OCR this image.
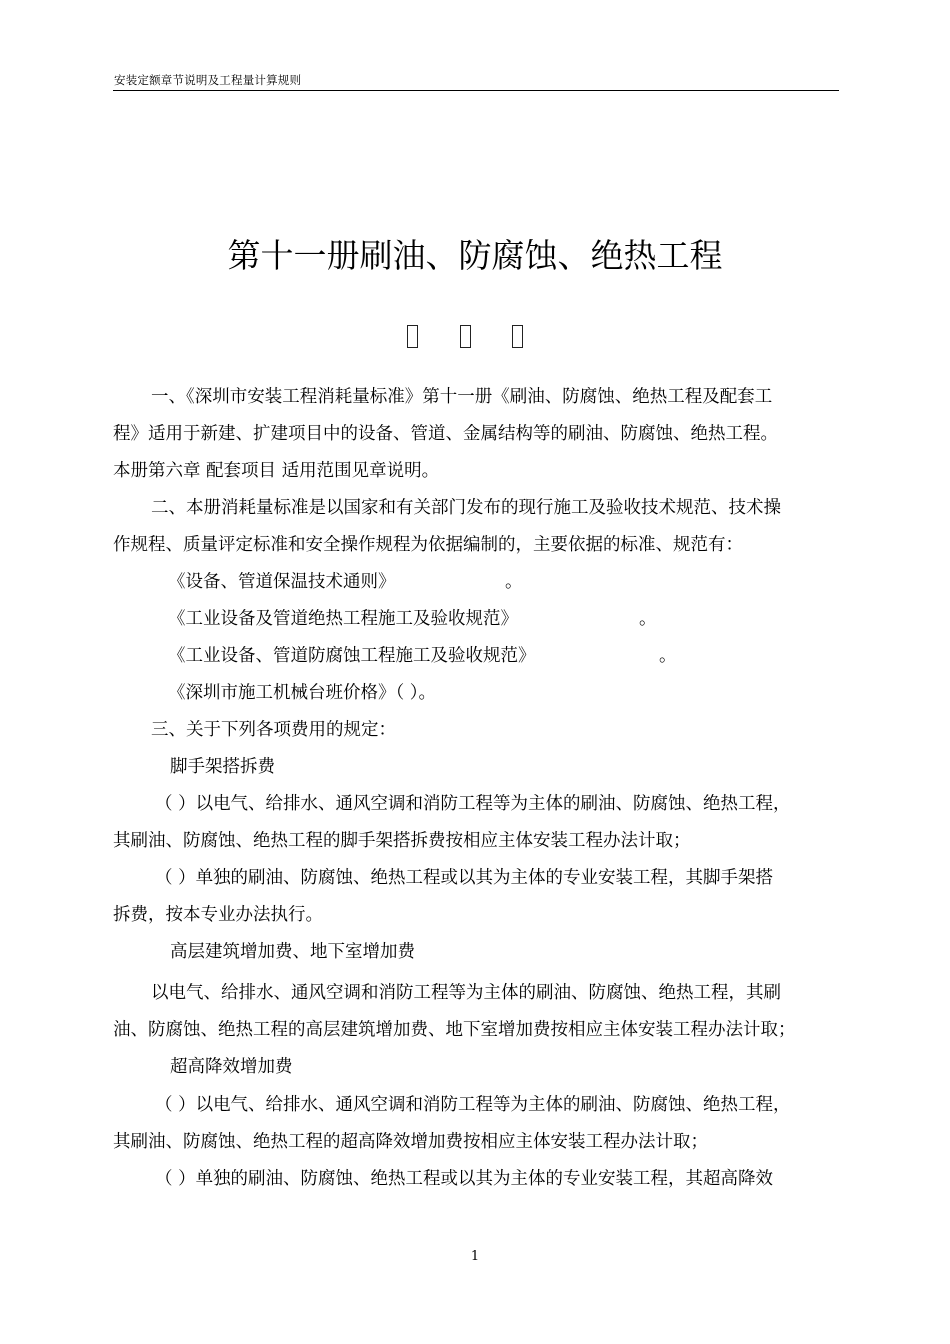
安装定额章节说明及工程量计算规则
第十一册刷油、防腐蚀、绝热工程
一、《深圳市安装工程消耗量标准》第十一册《刷油、防腐蚀、绝热工程及配套工
程》适用于新建、扩建项目中的设备、管道、金属结构等的刷油、防腐蚀、绝热工程。
本册第六章 配套项目 适用范围见章说明。
二、本册消耗量标准是以国家和有关部门发布的现行施工及验收技术规范、技术操
作规程、质量评定标准和安全操作规程为依据编制的，主要依据的标准、规范有：
《设备、管道保温技术通则》	。
《工业设备及管道绝热工程施工及验收规范》	。
《工业设备、管道防腐蚀工程施工及验收规范》	。
《深圳市施工机械台班价格》（ ）。
三、关于下列各项费用的规定：
脚手架搭拆费
（ ）以电气、给排水、通风空调和消防工程等为主体的刷油、防腐蚀、绝热工程，
其刷油、防腐蚀、绝热工程的脚手架搭拆费按相应主体安装工程办法计取；
（ ）单独的刷油、防腐蚀、绝热工程或以其为主体的专业安装工程，其脚手架搭
拆费，按本专业办法执行。
高层建筑增加费、地下室增加费
以电气、给排水、通风空调和消防工程等为主体的刷油、防腐蚀、绝热工程，其刷
油、防腐蚀、绝热工程的高层建筑增加费、地下室增加费按相应主体安装工程办法计取；
超高降效增加费
（ ）以电气、给排水、通风空调和消防工程等为主体的刷油、防腐蚀、绝热工程，
其刷油、防腐蚀、绝热工程的超高降效增加费按相应主体安装工程办法计取；
（ ）单独的刷油、防腐蚀、绝热工程或以其为主体的专业安装工程，其超高降效
1
